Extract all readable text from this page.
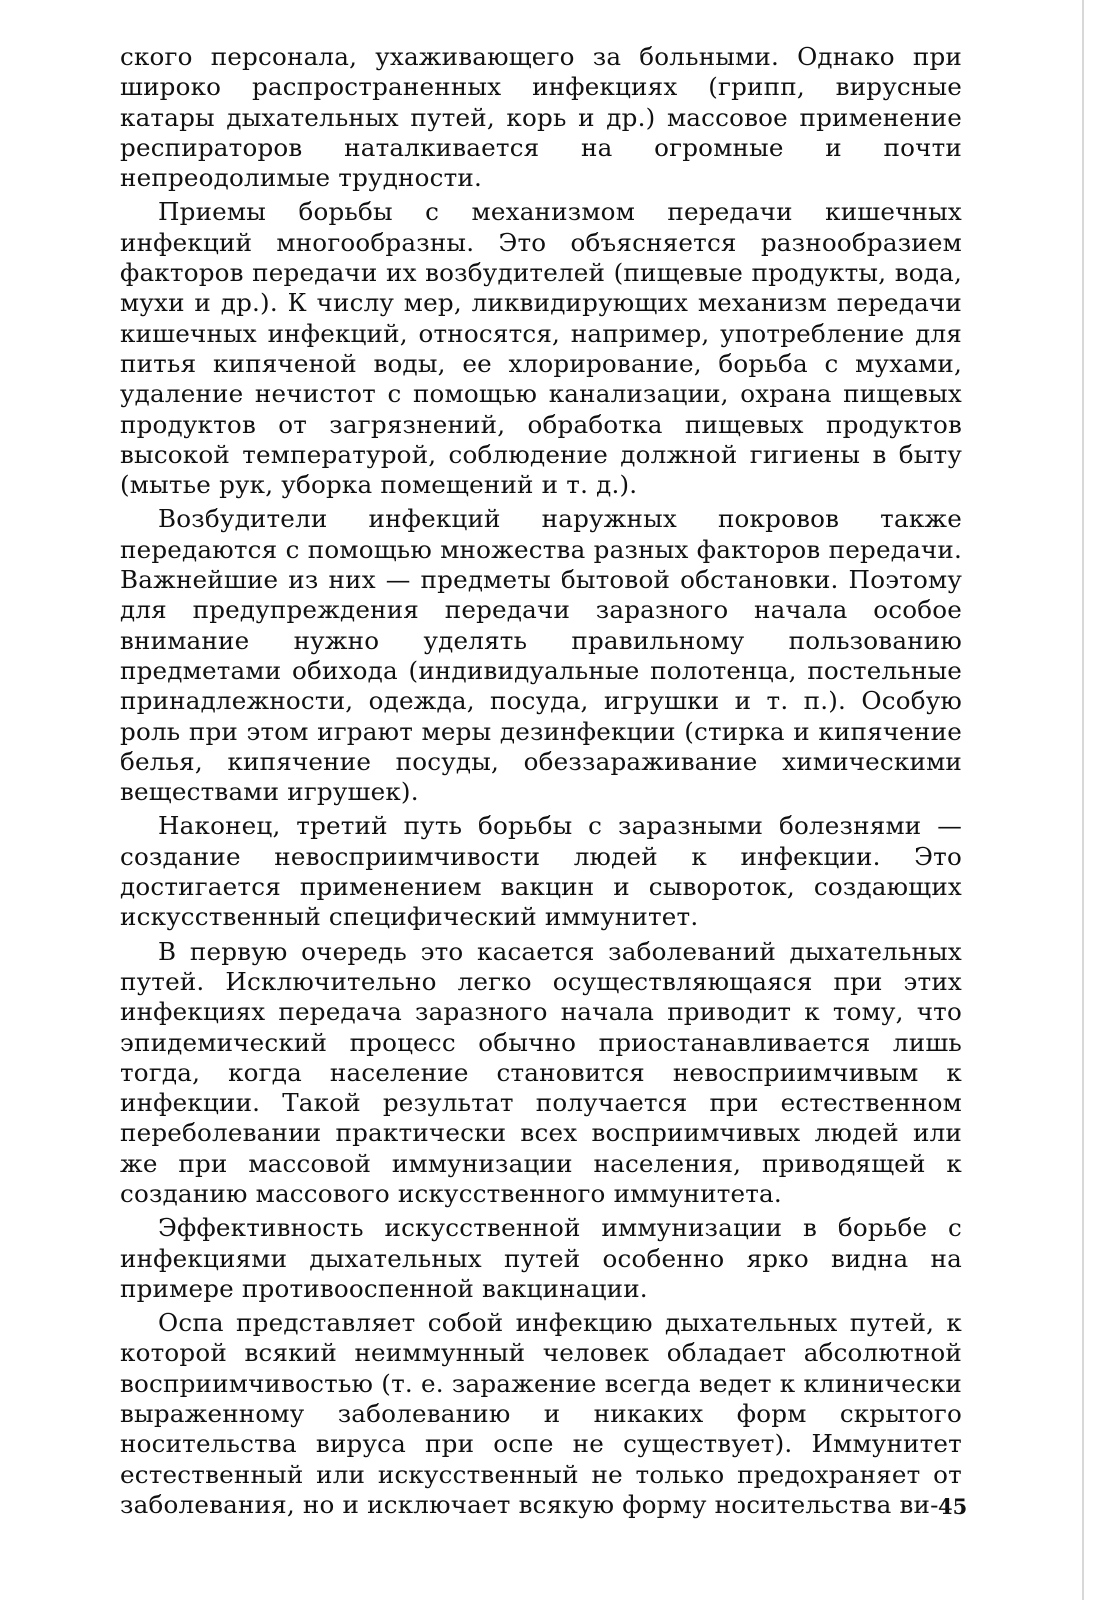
ского персонала, ухаживающего за больными. Однако при широко распространенных инфекциях (грипп, вирусные катары дыхательных путей, корь и др.) массовое применение респираторов наталкивается на огромные и почти непреодолимые трудности.

Приемы борьбы с механизмом передачи кишечных инфекций многообразны. Это объясняется разнообразием факторов передачи их возбудителей (пищевые продукты, вода, мухи и др.). К числу мер, ликвидирующих механизм передачи кишечных инфекций, относятся, например, употребление для питья кипяченой воды, ее хлорирование, борьба с мухами, удаление нечистот с помощью канализации, охрана пищевых продуктов от загрязнений, обработка пищевых продуктов высокой температурой, соблюдение должной гигиены в быту (мытье рук, уборка помещений и т. д.).

Возбудители инфекций наружных покровов также передаются с помощью множества разных факторов передачи. Важнейшие из них — предметы бытовой обстановки. Поэтому для предупреждения передачи заразного начала особое внимание нужно уделять правильному пользованию предметами обихода (индивидуальные полотенца, постельные принадлежности, одежда, посуда, игрушки и т. п.). Особую роль при этом играют меры дезинфекции (стирка и кипячение белья, кипячение посуды, обеззараживание химическими веществами игрушек).

Наконец, третий путь борьбы с заразными болезнями — создание невосприимчивости людей к инфекции. Это достигается применением вакцин и сывороток, создающих искусственный специфический иммунитет.

В первую очередь это касается заболеваний дыхательных путей. Исключительно легко осуществляющаяся при этих инфекциях передача заразного начала приводит к тому, что эпидемический процесс обычно приостанавливается лишь тогда, когда население становится невосприимчивым к инфекции. Такой результат получается при естественном переболевании практически всех восприимчивых людей или же при массовой иммунизации населения, приводящей к созданию массового искусственного иммунитета.

Эффективность искусственной иммунизации в борьбе с инфекциями дыхательных путей особенно ярко видна на примере противооспенной вакцинации.

Оспа представляет собой инфекцию дыхательных путей, к которой всякий неиммунный человек обладает абсолютной восприимчивостью (т. е. заражение всегда ведет к клинически выраженному заболеванию и никаких форм скрытого носительства вируса при оспе не существует). Иммунитет естественный или искусственный не только предохраняет от заболевания, но и исключает всякую форму носительства ви- 45
